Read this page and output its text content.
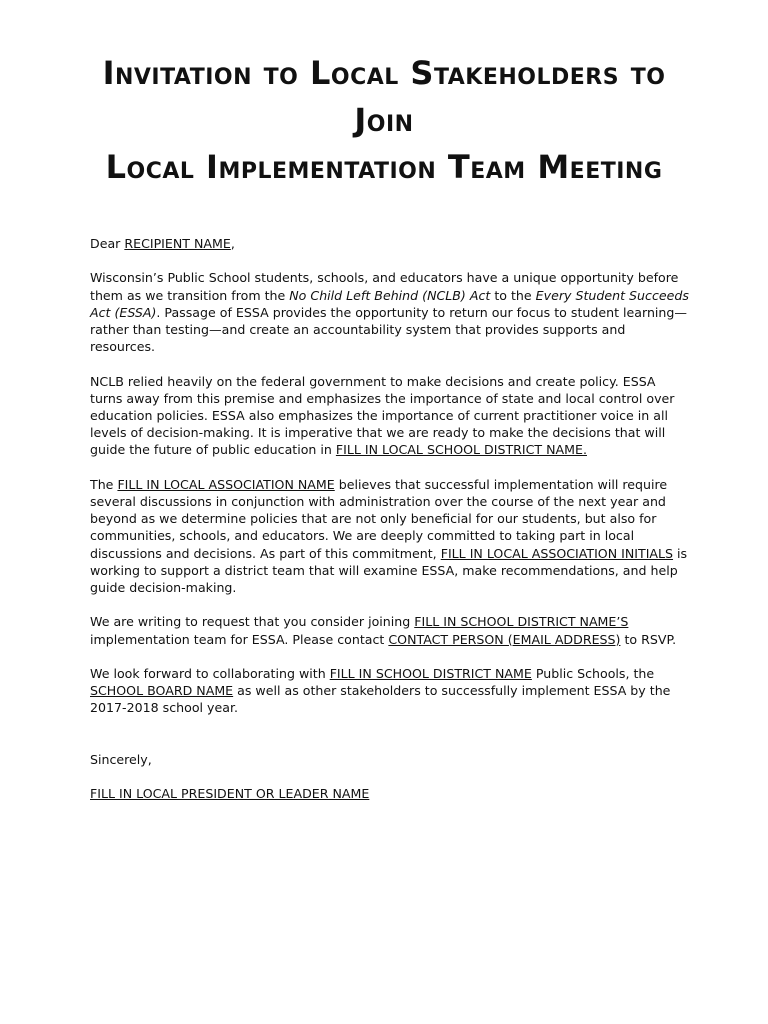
Invitation to Local Stakeholders to
Join
Local Implementation Team Meeting

Dear RECIPIENT NAME,

Wisconsin’s Public School students, schools, and educators have a unique opportunity before them as we transition from the No Child Left Behind (NCLB) Act to the Every Student Succeeds Act (ESSA). Passage of ESSA provides the opportunity to return our focus to student learning—rather than testing—and create an accountability system that provides supports and resources.

NCLB relied heavily on the federal government to make decisions and create policy. ESSA turns away from this premise and emphasizes the importance of state and local control over education policies. ESSA also emphasizes the importance of current practitioner voice in all levels of decision-making. It is imperative that we are ready to make the decisions that will guide the future of public education in FILL IN LOCAL SCHOOL DISTRICT NAME.

The FILL IN LOCAL ASSOCIATION NAME believes that successful implementation will require several discussions in conjunction with administration over the course of the next year and beyond as we determine policies that are not only beneficial for our students, but also for communities, schools, and educators. We are deeply committed to taking part in local discussions and decisions. As part of this commitment, FILL IN LOCAL ASSOCIATION INITIALS is working to support a district team that will examine ESSA, make recommendations, and help guide decision-making.

We are writing to request that you consider joining FILL IN SCHOOL DISTRICT NAME’S implementation team for ESSA. Please contact CONTACT PERSON (EMAIL ADDRESS) to RSVP.

We look forward to collaborating with FILL IN SCHOOL DISTRICT NAME Public Schools, the SCHOOL BOARD NAME as well as other stakeholders to successfully implement ESSA by the 2017-2018 school year.

Sincerely,

FILL IN LOCAL PRESIDENT OR LEADER NAME
